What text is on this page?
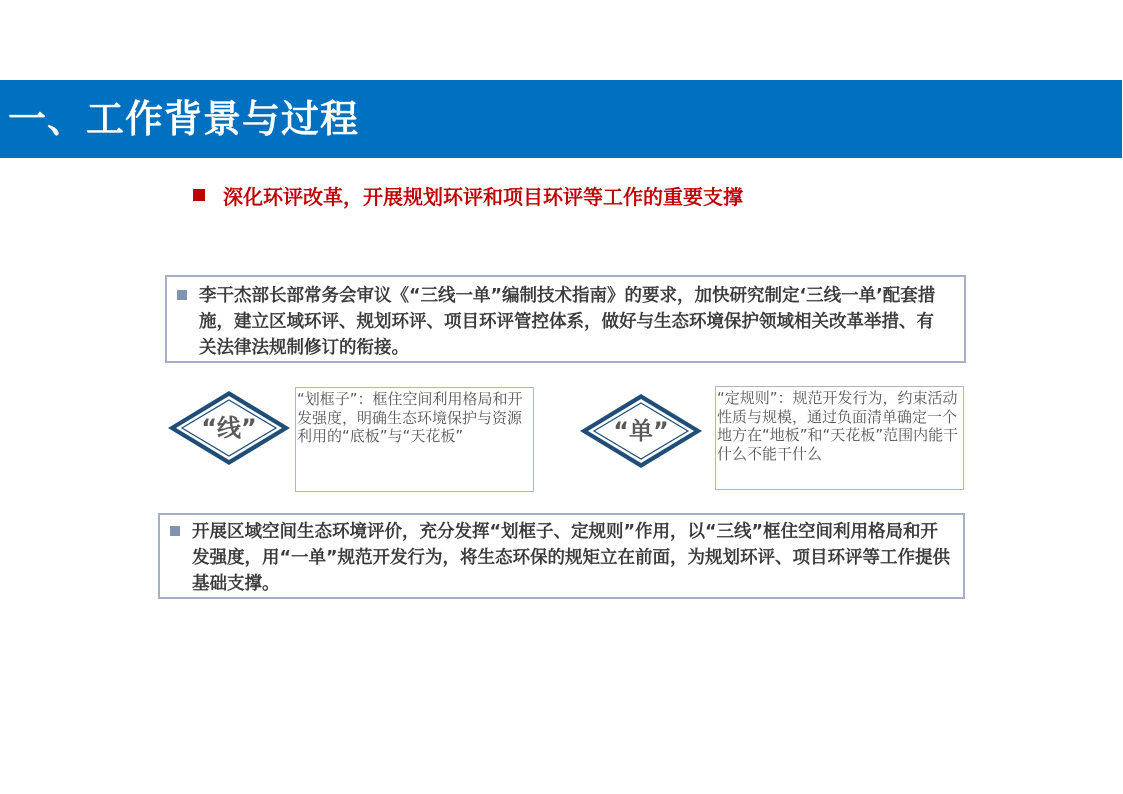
一、工作背景与过程
深化环评改革，开展规划环评和项目环评等工作的重要支撑
李干杰部长部常务会审议《“三线一单”编制技术指南》的要求，加快研究制定‘三线一单’配套措施，建立区域环评、规划环评、项目环评管控体系，做好与生态环境保护领域相关改革举措、有关法律法规制修订的衔接。
“线”
“划框子”：框住空间利用格局和开发强度，明确生态环境保护与资源利用的“底板”与“天花板”	“单”
“定规则”：规范开发行为，约束活动性质与规模，通过负面清单确定一个地方在“地板”和“天花板”范围内能干什么不能干什么
开展区域空间生态环境评价，充分发挥“划框子、定规则”作用，以“三线”框住空间利用格局和开发强度，用“一单”规范开发行为，将生态环保的规矩立在前面，为规划环评、项目环评等工作提供基础支撑。
